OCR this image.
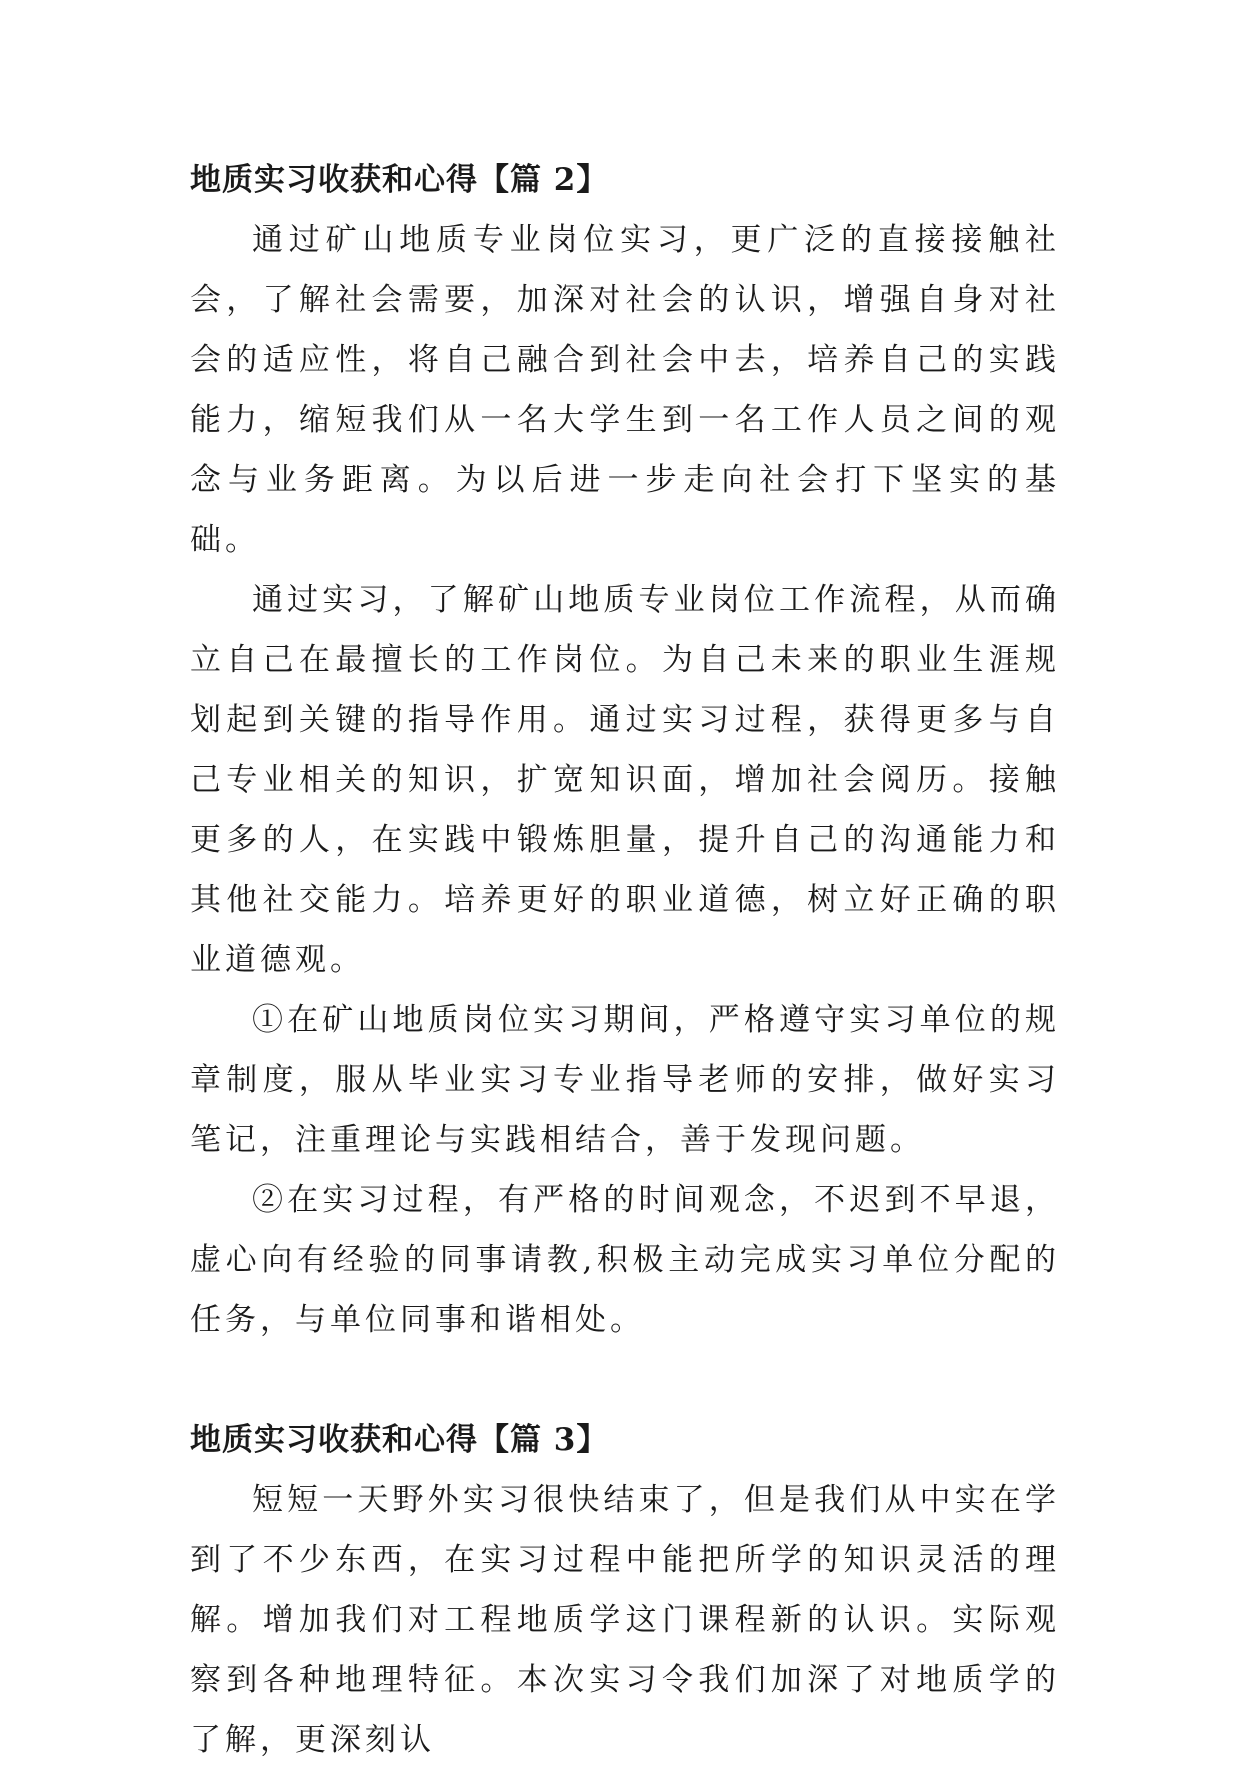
地质实习收获和心得【篇 2】

通过矿山地质专业岗位实习，更广泛的直接接触社会，了解社会需要，加深对社会的认识，增强自身对社会的适应性，将自己融合到社会中去，培养自己的实践能力，缩短我们从一名大学生到一名工作人员之间的观念与业务距离。为以后进一步走向社会打下坚实的基础。

通过实习，了解矿山地质专业岗位工作流程，从而确立自己在最擅长的工作岗位。为自己未来的职业生涯规划起到关键的指导作用。通过实习过程，获得更多与自己专业相关的知识，扩宽知识面，增加社会阅历。接触更多的人，在实践中锻炼胆量，提升自己的沟通能力和其他社交能力。培养更好的职业道德，树立好正确的职业道德观。

①在矿山地质岗位实习期间，严格遵守实习单位的规章制度，服从毕业实习专业指导老师的安排，做好实习笔记，注重理论与实践相结合，善于发现问题。

②在实习过程，有严格的时间观念，不迟到不早退，虚心向有经验的同事请教,积极主动完成实习单位分配的任务，与单位同事和谐相处。

地质实习收获和心得【篇 3】

短短一天野外实习很快结束了，但是我们从中实在学到了不少东西，在实习过程中能把所学的知识灵活的理解。增加我们对工程地质学这门课程新的认识。实际观察到各种地理特征。本次实习令我们加深了对地质学的了解，更深刻认
